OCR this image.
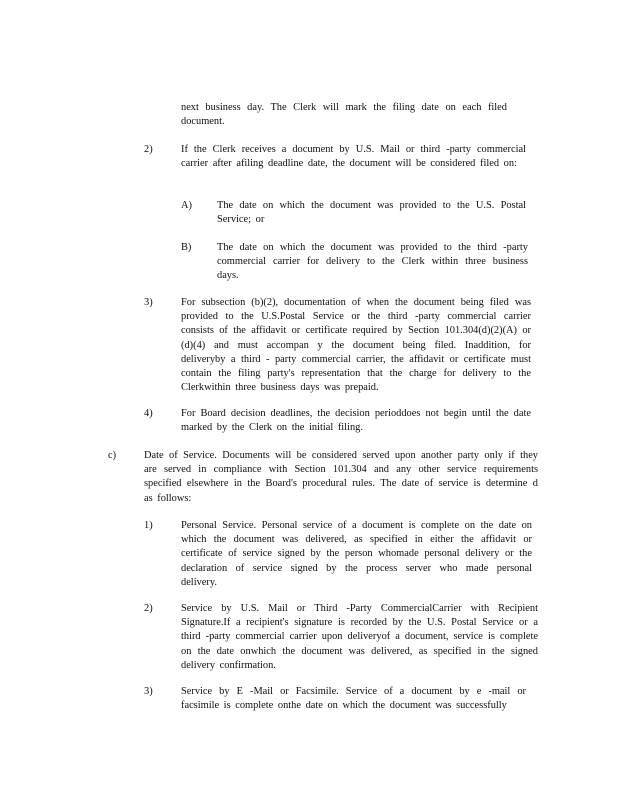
next business day. The Clerk will mark the filing date on each filed document.
2)	If the Clerk receives a document by U.S. Mail or third -party commercial carrier after afiling deadline date, the document will be considered filed on:
A) The date on which the document was provided to the U.S. Postal Service; or
B) The date on which the document was provided to the third -party commercial carrier for delivery to the Clerk within three business days.
3)	For subsection (b)(2), documentation of when the document being filed was provided to the U.S.Postal Service or the third -party commercial carrier consists of the affidavit or certificate required by Section 101.304(d)(2)(A) or (d)(4) and must accompan y the document being filed. Inaddition, for deliveryby a third - party commercial carrier, the affidavit or certificate must contain the filing party's representation that the charge for delivery to the Clerkwithin three business days was prepaid.
4)	For Board decision deadlines, the decision perioddoes not begin until the date marked by the Clerk on the initial filing.
c)	Date of Service. Documents will be considered served upon another party only if they are served in compliance with Section 101.304 and any other service requirements specified elsewhere in the Board's procedural rules. The date of service is determine d as follows:
1)	Personal Service. Personal service of a document is complete on the date on which the document was delivered, as specified in either the affidavit or certificate of service signed by the person whomade personal delivery or the declaration of service signed by the process server who made personal delivery.
2)	Service by U.S. Mail or Third -Party CommercialCarrier with Recipient Signature.If a recipient's signature is recorded by the U.S. Postal Service or a third -party commercial carrier upon deliveryof a document, service is complete on the date onwhich the document was delivered, as specified in the signed delivery confirmation.
3)	Service by E -Mail or Facsimile. Service of a document by e -mail or facsimile is complete onthe date on which the document was successfully
